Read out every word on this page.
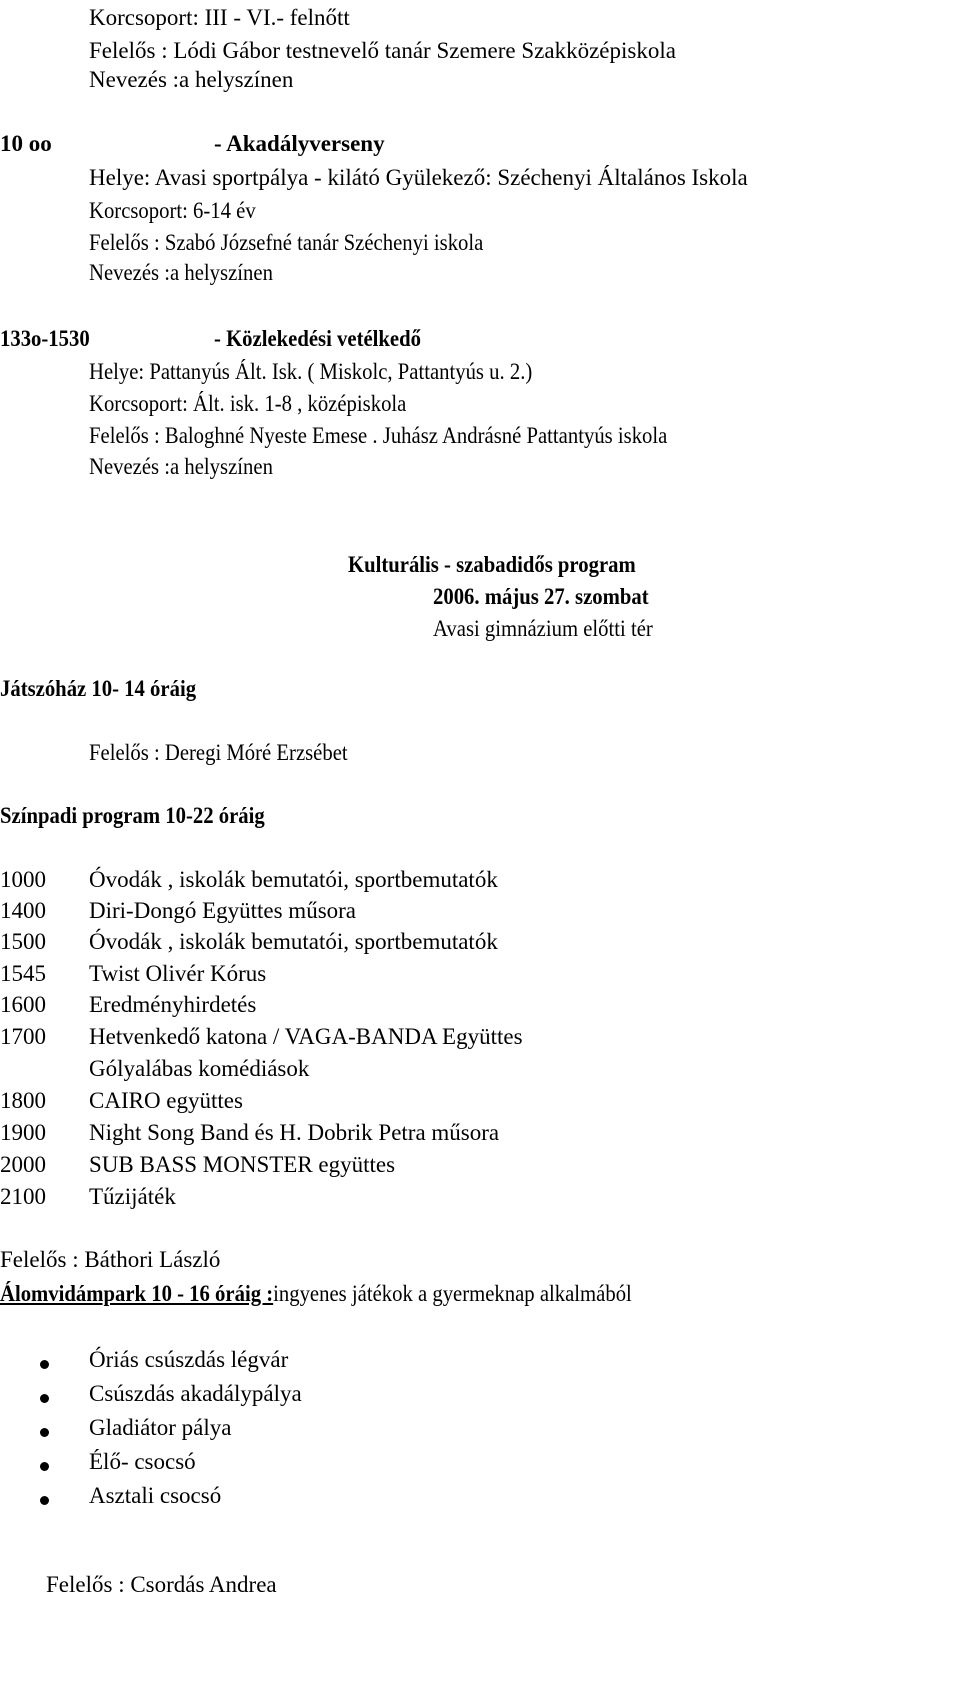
Korcsoport: III - VI.- felnőtt
Felelős : Lódi Gábor testnevelő tanár Szemere Szakközépiskola
Nevezés :a helyszínen
10 oo	- Akadályverseny
Helye: Avasi sportpálya - kilátó Gyülekező: Széchenyi Általános Iskola
Korcsoport: 6-14 év
Felelős : Szabó Józsefné tanár Széchenyi iskola
Nevezés :a helyszínen
133o-1530	- Közlekedési vetélkedő
Helye: Pattanyús Ált. Isk. ( Miskolc, Pattantyús u. 2.)
Korcsoport: Ált. isk. 1-8 , középiskola
Felelős : Baloghné Nyeste Emese . Juhász Andrásné Pattantyús iskola
Nevezés :a helyszínen
Kulturális - szabadidős program
2006. május 27. szombat
Avasi gimnázium előtti tér
Játszóház 10- 14 óráig
Felelős : Deregi Móré Erzsébet
Színpadi program 10-22 óráig
1000 Óvodák , iskolák bemutatói, sportbemutatók
1400 Diri-Dongó Együttes műsora
1500 Óvodák , iskolák bemutatói, sportbemutatók
1545 Twist Olivér Kórus
1600 Eredményhirdetés
1700 Hetvenkedő katona / VAGA-BANDA Együttes
Gólyalábas komédiások
1800 CAIRO együttes
1900 Night Song Band és H. Dobrik Petra műsora
2000 SUB BASS MONSTER együttes
2100 Tűzijáték
Felelős : Báthori László
Álomvidámpark 10 - 16 óráig :ingyenes játékok a gyermeknap alkalmából
Óriás csúszdás légvár
Csúszdás akadálypálya
Gladiátor pálya
Élő- csocsó
Asztali csocsó
Felelős : Csordás Andrea
